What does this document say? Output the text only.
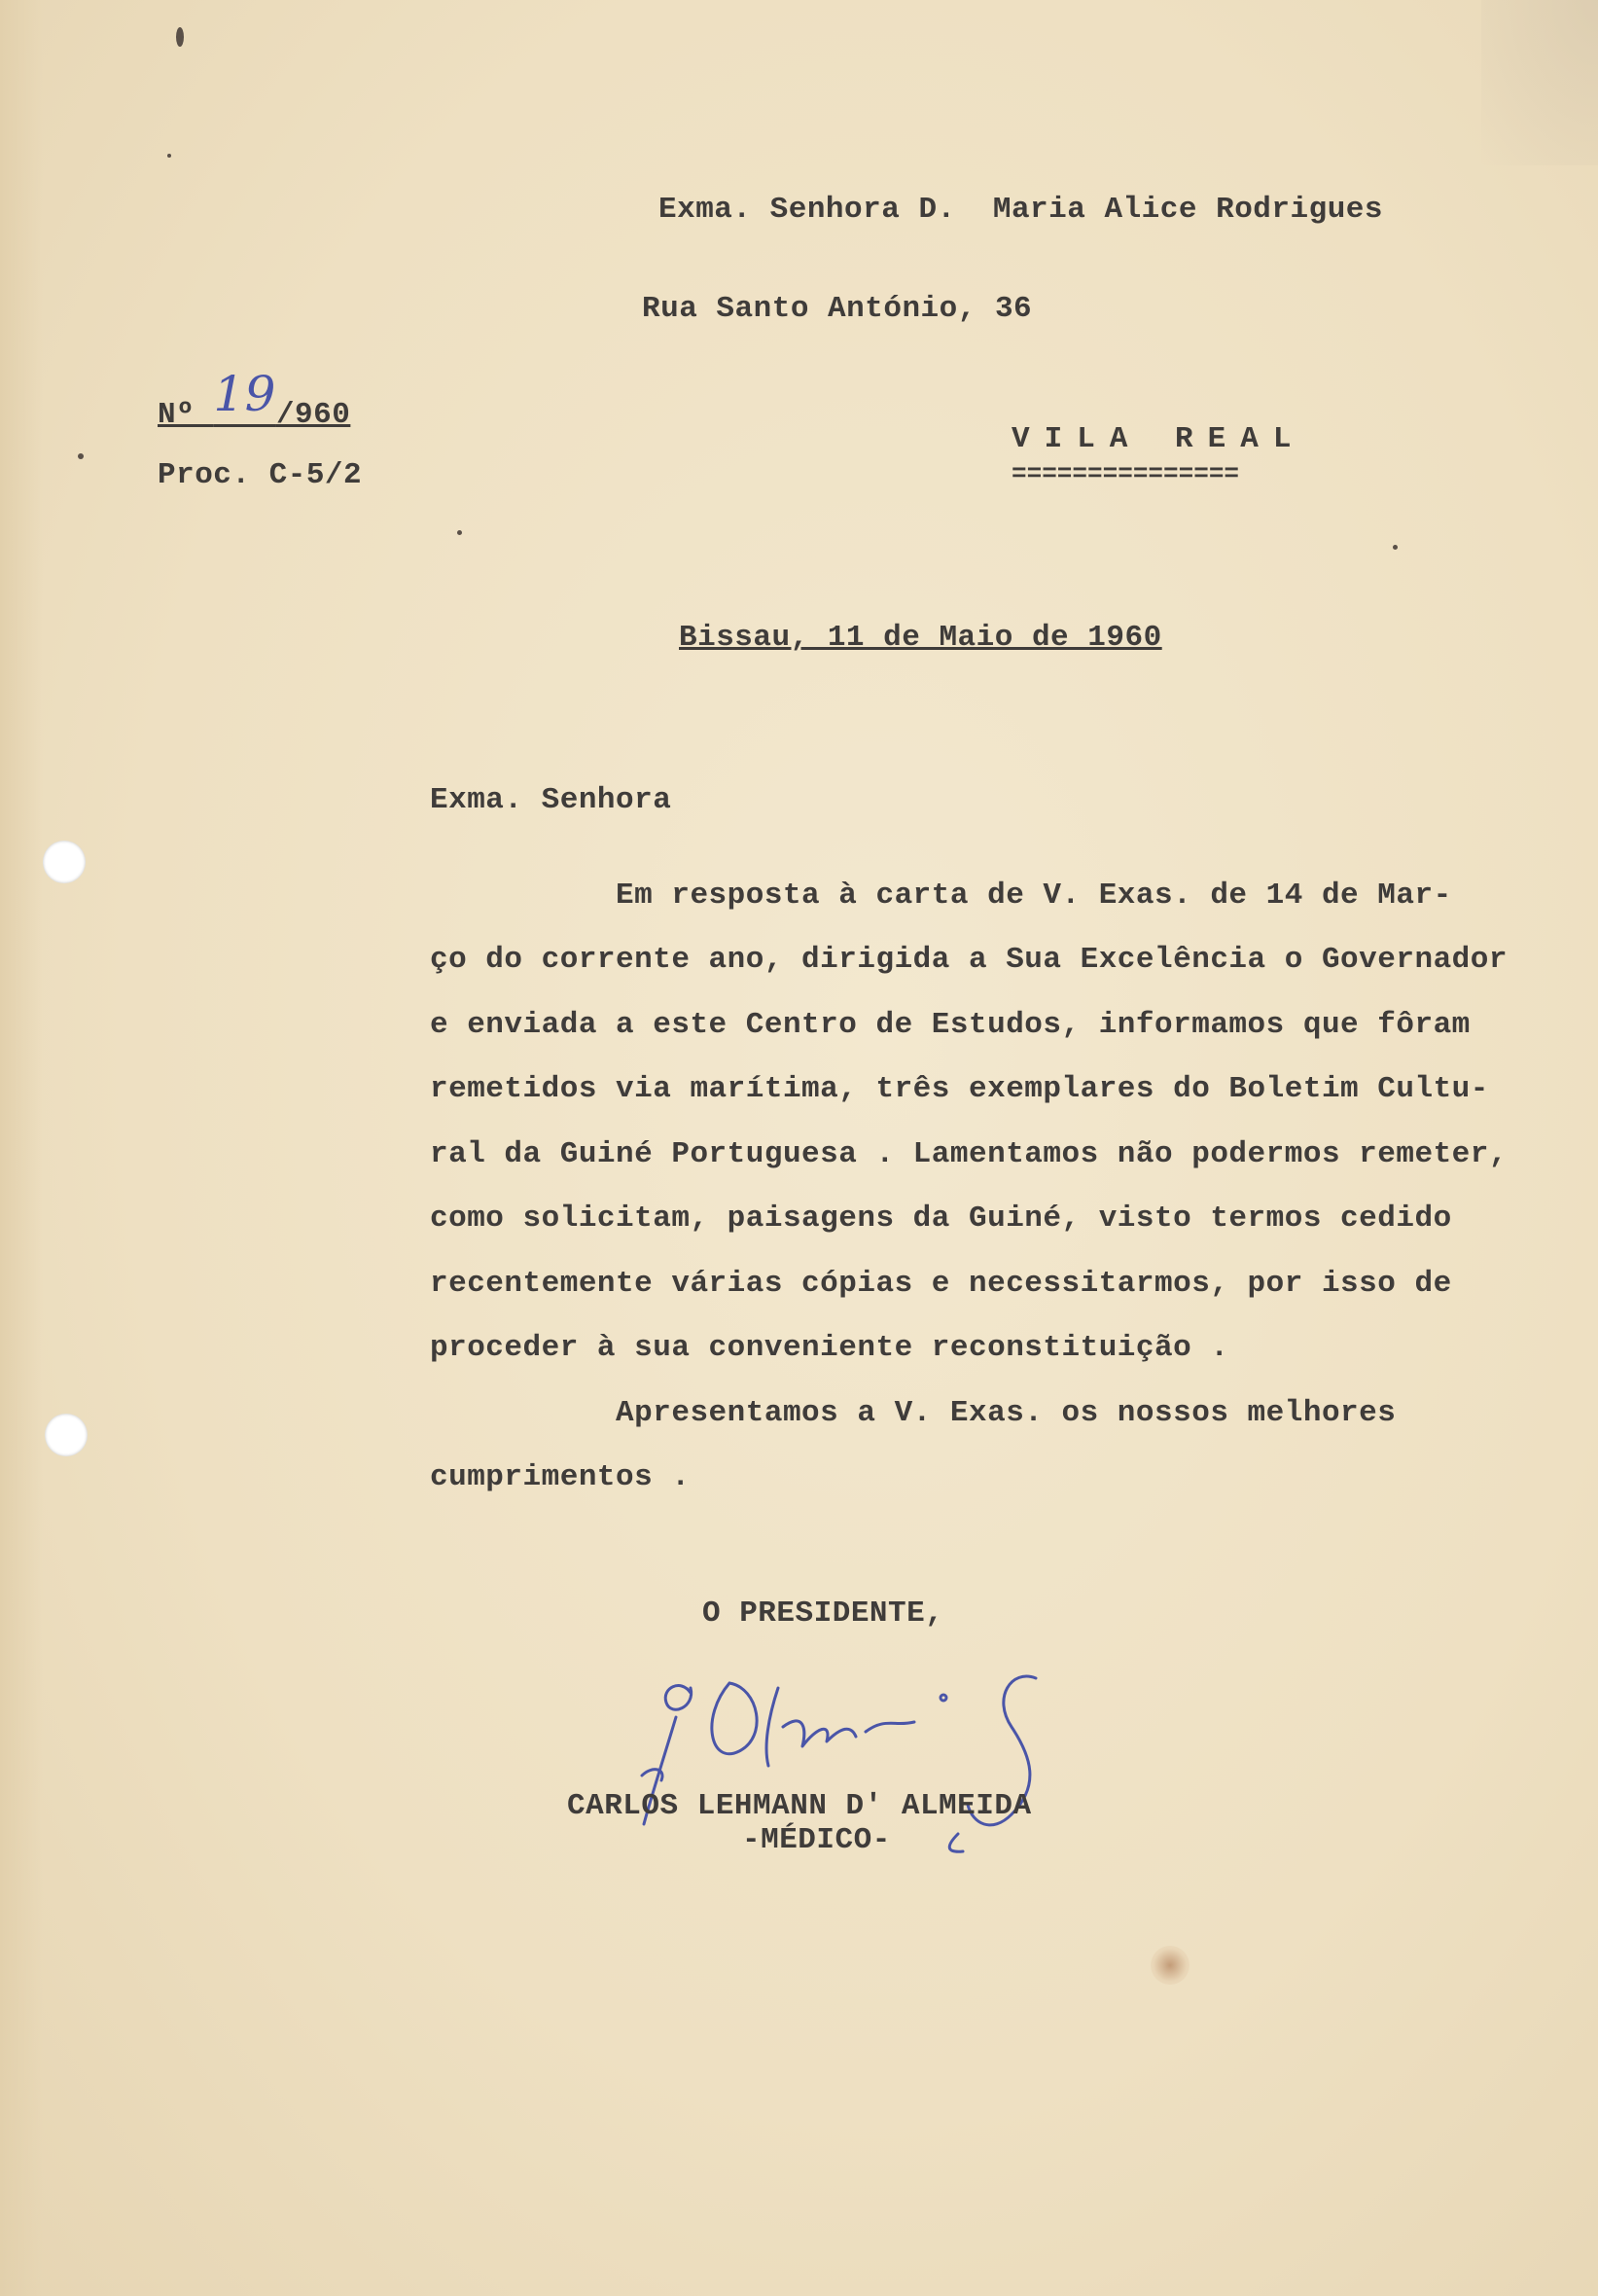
Exma. Senhora D.  Maria Alice Rodrigues
Rua Santo António, 36
Nº 19/960
Proc. C-5/2
VILA REAL
===============
Bissau, 11 de Maio de 1960
Exma. Senhora
Em resposta à carta de V. Exas. de 14 de Mar-
ço do corrente ano, dirigida a Sua Excelência o Governador
e enviada a este Centro de Estudos, informamos que fôram
remetidos via marítima, três exemplares do Boletim Cultu-
ral da Guiné Portuguesa . Lamentamos não podermos remeter,
como solicitam, paisagens da Guiné, visto termos cedido
recentemente várias cópias e necessitarmos, por isso de
proceder à sua conveniente reconstituição .
Apresentamos a V. Exas. os nossos melhores
cumprimentos .
O PRESIDENTE,
CARLOS LEHMANN D' ALMEIDA
-MÉDICO-
